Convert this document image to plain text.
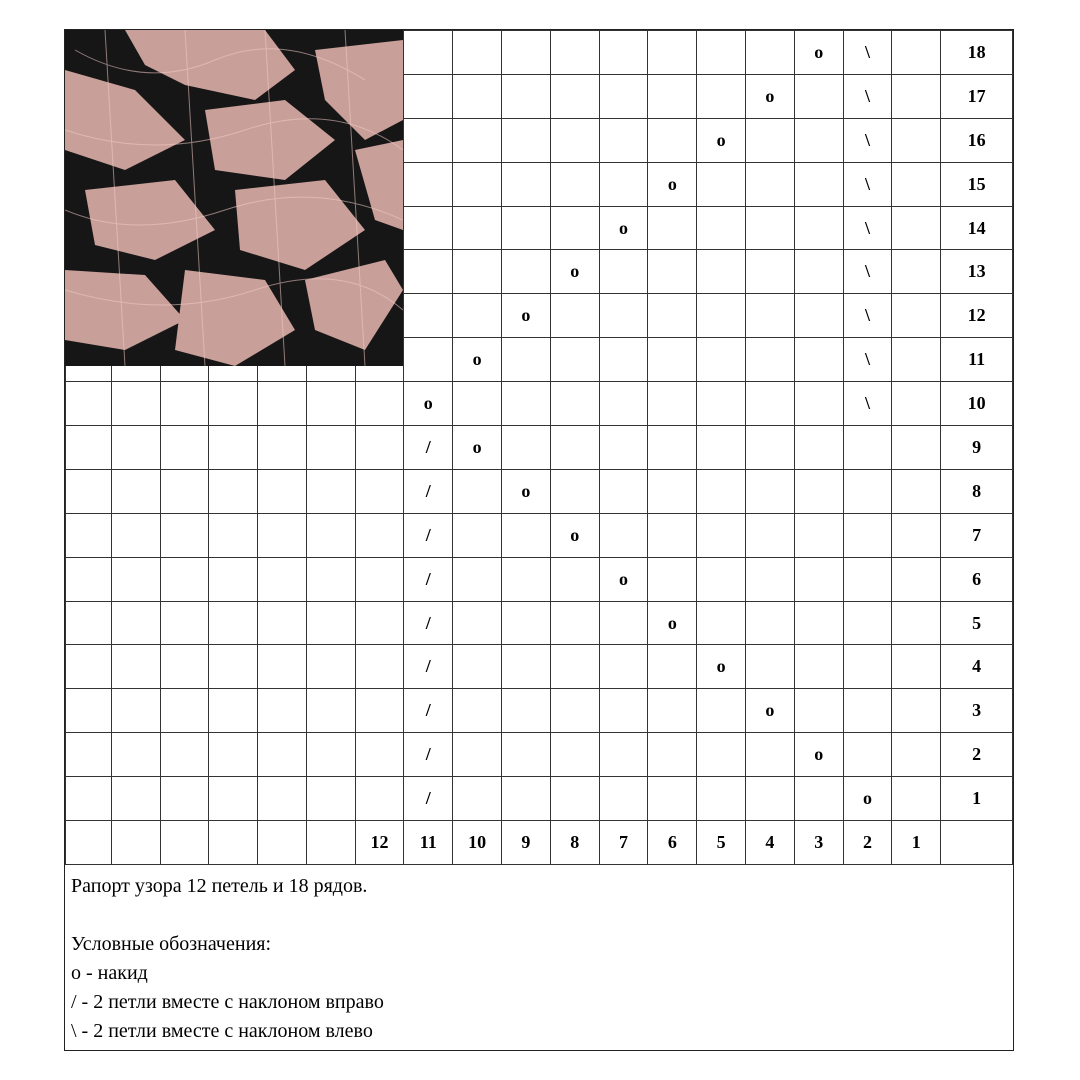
															o	\		18
														o		\		17
													o			\		16
												o				\		15
											o					\		14
										o						\		13
									o							\		12
								o								\		11
							o									\		10
							/	o										9
							/		o									8
							/			o								7
							/				o							6
							/					o						5
							/						o					4
							/							o				3
							/								o			2
							/									o		1
						12	11	10	9	8	7	6	5	4	3	2	1	
Рапорт узора 12 петель и 18 рядов.
Условные обозначения:
o - накид
/ - 2 петли вместе с наклоном вправо
\ - 2 петли вместе с наклоном влево
